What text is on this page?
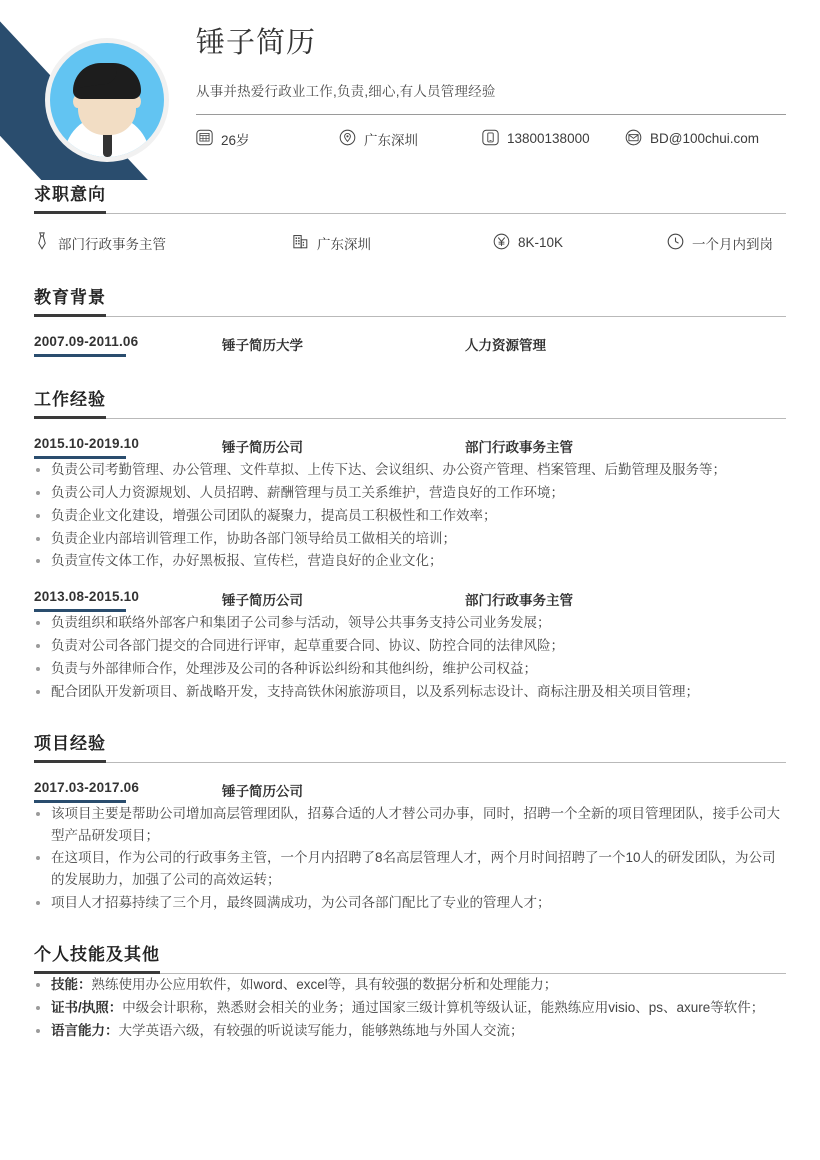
锤子简历
从事并热爱行政业工作,负责,细心,有人员管理经验
26岁	广东深圳	13800138000	BD@100chui.com
求职意向
部门行政事务主管	广东深圳	8K-10K	一个月内到岗
教育背景
2007.09-2011.06	锤子简历大学	人力资源管理
工作经验
2015.10-2019.10	锤子简历公司	部门行政事务主管
负责公司考勤管理、办公管理、文件草拟、上传下达、会议组织、办公资产管理、档案管理、后勤管理及服务等；
负责公司人力资源规划、人员招聘、薪酬管理与员工关系维护，营造良好的工作环境；
负责企业文化建设，增强公司团队的凝聚力，提高员工积极性和工作效率；
负责企业内部培训管理工作，协助各部门领导给员工做相关的培训；
负责宣传文体工作，办好黑板报、宣传栏，营造良好的企业文化；
2013.08-2015.10	锤子简历公司	部门行政事务主管
负责组织和联络外部客户和集团子公司参与活动，领导公共事务支持公司业务发展；
负责对公司各部门提交的合同进行评审，起草重要合同、协议、防控合同的法律风险；
负责与外部律师合作，处理涉及公司的各种诉讼纠纷和其他纠纷，维护公司权益；
配合团队开发新项目、新战略开发，支持高铁休闲旅游项目，以及系列标志设计、商标注册及相关项目管理；
项目经验
2017.03-2017.06	锤子简历公司
该项目主要是帮助公司增加高层管理团队，招募合适的人才替公司办事，同时，招聘一个全新的项目管理团队，接手公司大型产品研发项目；
在这项目，作为公司的行政事务主管，一个月内招聘了8名高层管理人才，两个月时间招聘了一个10人的研发团队，为公司的发展助力，加强了公司的高效运转；
项目人才招募持续了三个月，最终圆满成功，为公司各部门配比了专业的管理人才；
个人技能及其他
技能：熟练使用办公应用软件，如word、excel等，具有较强的数据分析和处理能力；
证书/执照：中级会计职称，熟悉财会相关的业务；通过国家三级计算机等级认证，能熟练应用visio、ps、axure等软件；
语言能力：大学英语六级，有较强的听说读写能力，能够熟练地与外国人交流；
